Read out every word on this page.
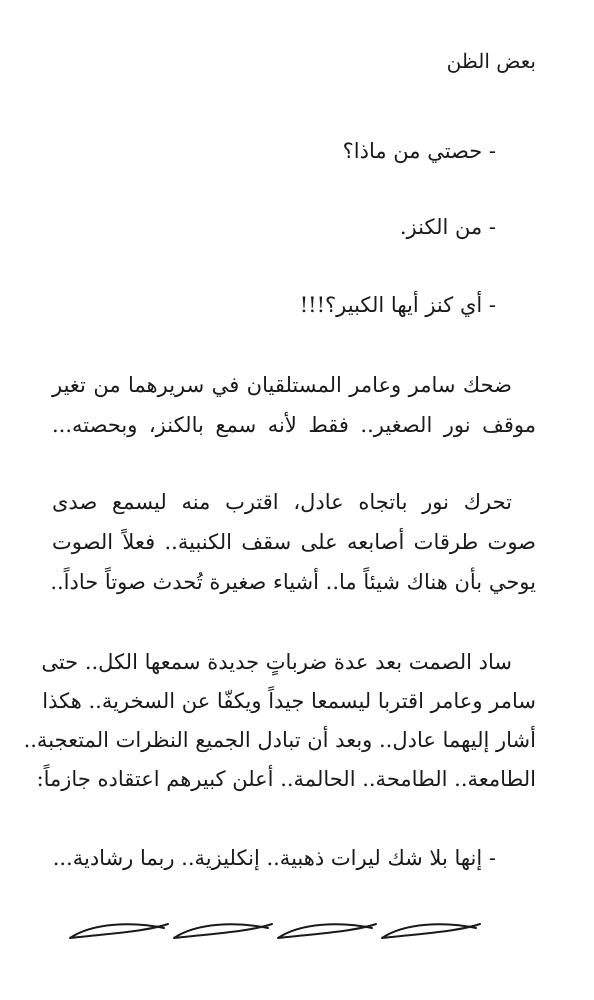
بعض الظن
- حصتي من ماذا؟
- من الكنز.
- أي كنز أيها الكبير؟!!!
ضحك سامر وعامر المستلقيان في سريرهما من تغير
موقف نور الصغير.. فقط لأنه سمع بالكنز، وبحصته...
تحرك نور باتجاه عادل، اقترب منه ليسمع صدى
صوت طرقات أصابعه على سقف الكنبية.. فعلاً الصوت
يوحي بأن هناك شيئاً ما.. أشياء صغيرة تُحدث صوتاً حاداً..
ساد الصمت بعد عدة ضرباتٍ جديدة سمعها الكل.. حتى
سامر وعامر اقتربا ليسمعا جيداً ويكفّا عن السخرية.. هكذا
أشار إليهما عادل.. وبعد أن تبادل الجميع النظرات المتعجبة..
الطامعة.. الطامحة.. الحالمة.. أعلن كبيرهم اعتقاده جازماً:
- إنها بلا شك ليرات ذهبية.. إنكليزية.. ربما رشادية...
